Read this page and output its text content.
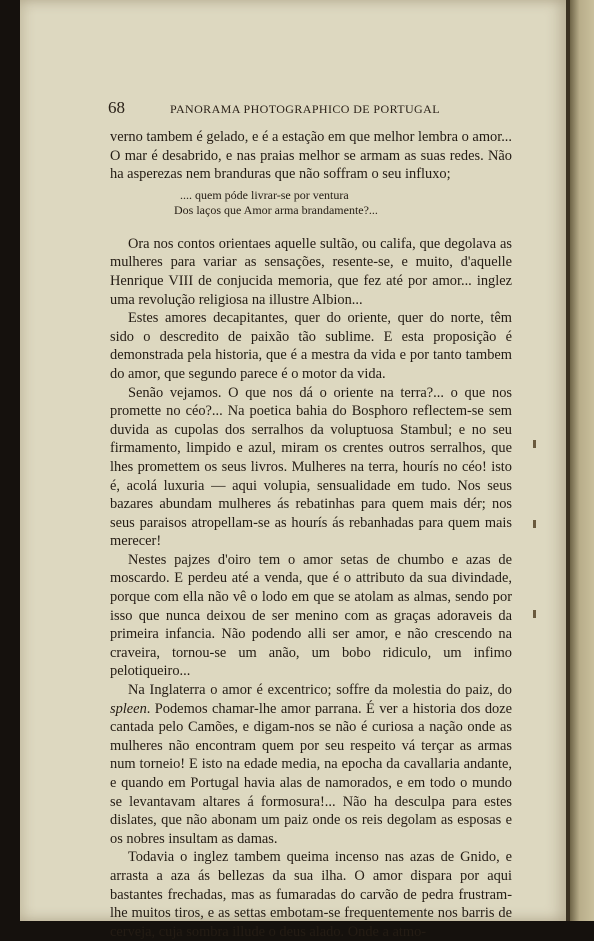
68	PANORAMA PHOTOGRAPHICO DE PORTUGAL

verno tambem é gelado, e é a estação em que melhor lembra o amor... O mar é desabrido, e nas praias melhor se armam as suas redes. Não ha asperezas nem branduras que não soffram o seu influxo;

.... quem póde livrar-se por ventura
Dos laços que Amor arma brandamente?...

Ora nos contos orientaes aquelle sultão, ou califa, que degolava as mulheres para variar as sensações, resente-se, e muito, d'aquelle Henrique VIII de conjucida memoria, que fez até por amor... inglez uma revolução religiosa na illustre Albion...

Estes amores decapitantes, quer do oriente, quer do norte, têm sido o descredito de paixão tão sublime. E esta proposição é demonstrada pela historia, que é a mestra da vida e por tanto tambem do amor, que segundo parece é o motor da vida.

Senão vejamos. O que nos dá o oriente na terra?... o que nos promette no céo?... Na poetica bahia do Bosphoro reflectem-se sem duvida as cupolas dos serralhos da voluptuosa Stambul; e no seu firmamento, limpido e azul, miram os crentes outros serralhos, que lhes promettem os seus livros. Mulheres na terra, hourís no céo! isto é, acolá luxuria — aqui volupia, sensualidade em tudo. Nos seus bazares abundam mulheres ás rebatinhas para quem mais dér; nos seus paraisos atropellam-se as hourís ás rebanhadas para quem mais merecer!

Nestes pajzes d'oiro tem o amor setas de chumbo e azas de moscardo. E perdeu até a venda, que é o attributo da sua divindade, porque com ella não vê o lodo em que se atolam as almas, sendo por isso que nunca deixou de ser menino com as graças adoraveis da primeira infancia. Não podendo alli ser amor, e não crescendo na craveira, tornou-se um anão, um bobo ridiculo, um infimo pelotiqueiro...

Na Inglaterra o amor é excentrico; soffre da molestia do paiz, do spleen. Podemos chamar-lhe amor parrana. É ver a historia dos doze cantada pelo Camões, e digam-nos se não é curiosa a nação onde as mulheres não encontram quem por seu respeito vá terçar as armas num torneio! E isto na edade media, na epocha da cavallaria andante, e quando em Portugal havia alas de namorados, e em todo o mundo se levantavam altares á formosura!... Não ha desculpa para estes dislates, que não abonam um paiz onde os reis degolam as esposas e os nobres insultam as damas.

Todavia o inglez tambem queima incenso nas azas de Gnido, e arrasta a aza ás bellezas da sua ilha. O amor dispara por aqui bastantes frechadas, mas as fumaradas do carvão de pedra frustram-lhe muitos tiros, e as settas embotam-se frequentemente nos barris de cerveja, cuja sombra illude o deus alado. Onde a atmo-
